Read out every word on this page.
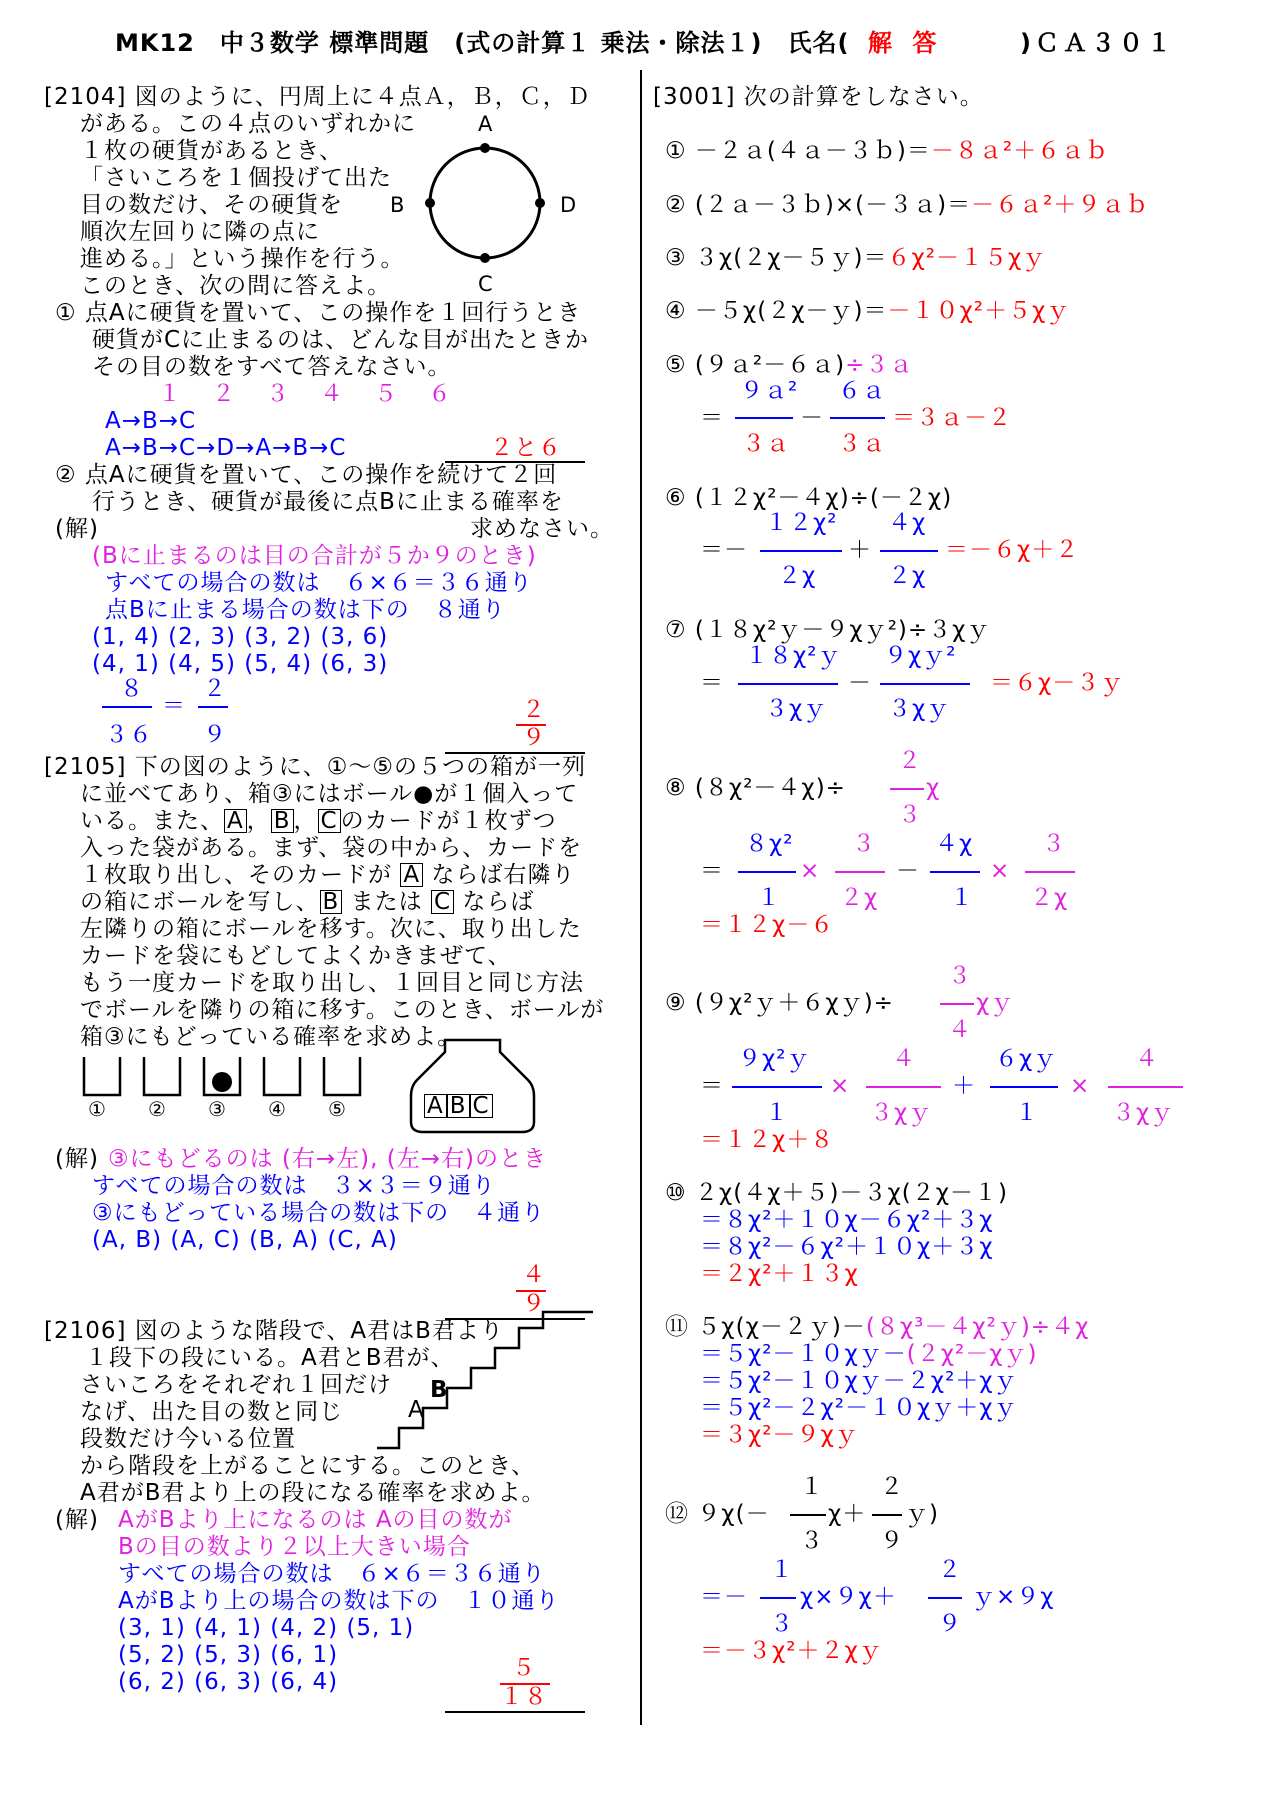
MK12　中３数学 標準問題　(式の計算１ 乗法・除法１)　氏名( 解 答	)ＣＡ３０１
[2104] 図のように、円周上に４点Ａ，Ｂ，Ｃ，Ｄ
がある。この４点のいずれかに
１枚の硬貨があるとき、
「さいころを１個投げて出た
目の数だけ、その硬貨を
順次左回りに隣の点に
進める。」という操作を行う。
このとき、次の問に答えよ。
A
B
C
D
① 点Aに硬貨を置いて、この操作を１回行うとき
硬貨がCに止まるのは、どんな目が出たときか
その目の数をすべて答えなさい。
１　２　３　４　５　６
A→B→C
A→B→C→D→A→B→C	２と６
② 点Aに硬貨を置いて、この操作を続けて２回
行うとき、硬貨が最後に点Bに止まる確率を
求めなさい。
(解)
(Bに止まるのは目の合計が５か９のとき)
すべての場合の数は　６×６＝３６通り
点Bに止まる場合の数は下の　８通り
(1, 4) (2, 3) (3, 2) (3, 6)
(4, 1) (4, 5) (5, 4) (6, 3)
８
３６
＝
２
９
２
９
[2105] 下の図のように、①～⑤の５つの箱が一列
に並べてあり、箱③にはボール●が１個入って
いる。また、 A ， B ， C のカードが１枚ずつ
入った袋がある。まず、袋の中から、カードを
１枚取り出し、そのカードが A ならば右隣り
の箱にボールを写し、 B または C ならば
左隣りの箱にボールを移す。次に、取り出した
カードを袋にもどしてよくかきまぜて、
もう一度カードを取り出し、１回目と同じ方法
でボールを隣りの箱に移す。このとき、ボールが
箱③にもどっている確率を求めよ。
① ② ③ ④ ⑤	A B C
(解) ③にもどるのは (右→左), (左→右)のとき
すべての場合の数は　３×３＝９通り
③にもどっている場合の数は下の　４通り
(A, B) (A, C) (B, A) (C, A)
４
９
[2106] 図のような階段で、A君はB君より
１段下の段にいる。A君とB君が、
さいころをそれぞれ１回だけ
なげ、出た目の数と同じ
段数だけ今いる位置
から階段を上がることにする。このとき、
A君がB君より上の段になる確率を求めよ。
A
B
(解) AがBより上になるのは Aの目の数が
Bの目の数より２以上大きい場合
すべての場合の数は　６×６＝３６通り
AがBより上の場合の数は下の　１０通り
(3, 1) (4, 1) (4, 2) (5, 1)
(5, 2) (5, 3) (6, 1)
(6, 2) (6, 3) (6, 4)
５
１８
[3001] 次の計算をしなさい。
① －２ａ(４ａ－３ｂ)＝－８ａ²＋６ａｂ
② (２ａ－３ｂ)×(－３ａ)＝－６ａ²＋９ａｂ
③ ３χ(２χ－５ｙ)＝６χ²－１５χｙ
④ －５χ(２χ－ｙ)＝－１０χ²＋５χｙ
⑤ (９ａ²－６ａ)÷３ａ
＝
９ａ²
３ａ
－
６ａ
３ａ
＝３ａ－２
⑥ (１２χ²－４χ)÷(－２χ)
＝－
１２χ²
２χ
＋
４χ
２χ
＝－６χ＋２
⑦ (１８χ²ｙ－９χｙ²)÷３χｙ
＝
１８χ²ｙ
３χｙ
－
９χｙ²
３χｙ
＝６χ－３ｙ
２
⑧ (８χ²－４χ)÷	χ
３
＝
８χ²
１
×
３
２χ
－
４χ
１
×
３
２χ
＝１２χ－６
３
⑨ (９χ²ｙ＋６χｙ)÷	χｙ
４
＝
９χ²ｙ
１
×
４
３χｙ
＋
６χｙ
１
×
４
３χｙ
＝１２χ＋８
⑩ ２χ(４χ＋５)－３χ(２χ－１)
＝８χ²＋１０χ－６χ²＋３χ
＝８χ²－６χ²＋１０χ＋３χ
＝２χ²＋１３χ
⑪ ５χ(χ－２ｙ)－(８χ³－４χ²ｙ)÷４χ
＝５χ²－１０χｙ－(２χ²－χｙ)
＝５χ²－１０χｙ－２χ²＋χｙ
＝５χ²－２χ²－１０χｙ＋χｙ
＝３χ²－９χｙ
１ ２
⑫ ９χ(－	χ＋ ｙ)
３ ９
１	２
＝－ χ×９χ＋	ｙ×９χ
３	９
＝－３χ²＋２χｙ
